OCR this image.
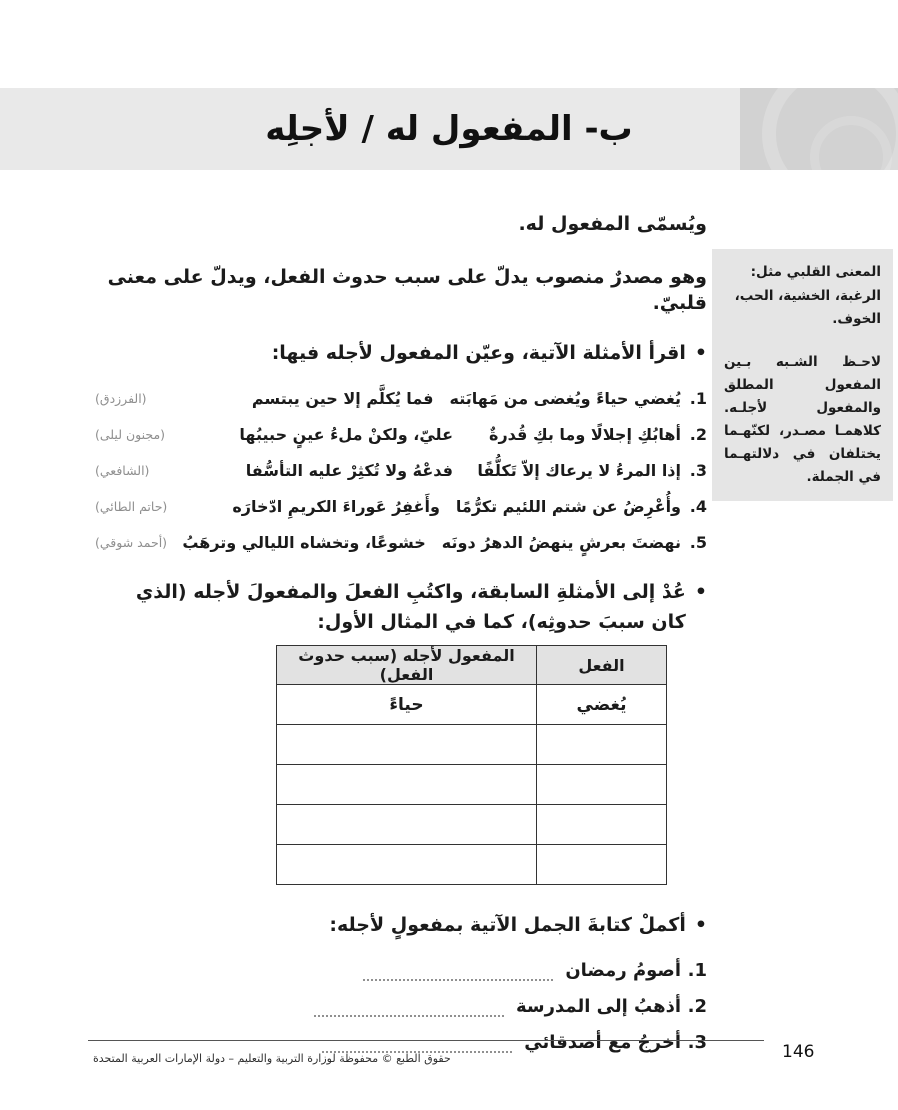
ب- المفعول له / لأجلِه
المعنى القلبي مثل: الرغبة، الخشية، الحب، الخوف.
لاحـظ الشـبه بـين المفعول المطلق والمفعول لأجلـه. كلاهمـا مصـدر، لكنّهـما يختلفان في دلالتهـما في الجملة.

ويُسمّى المفعول له.

وهو مصدرٌ منصوب يدلّ على سبب حدوث الفعل، ويدلّ على معنى قلبيّ.

•
اقرأ الأمثلة الآتية، وعيّن المفعول لأجله فيها:
1.
يُغضي حياءً ويُغضى من مَهابَته
فما يُكلَّم إلا حين يبتسم
(الفرزدق)
2.
أهابُكِ إجلالًا وما بكِ قُدرةٌ
عليّ، ولكنْ ملءُ عينٍ حبيبُها
(مجنون ليلى)
3.
إذا المرءُ لا يرعاك إلاّ تَكلُّفًا
فدعْهُ ولا تُكثِرْ عليه التأسُّفا
(الشافعي)
4.
وأُعْرِضُ عن شتم اللئيم تكرُّمًا
وأَغفِرُ عَوراءَ الكريمِ ادّخارَه
(حاتم الطائي)
5.
نهضتَ بعرشٍ ينهضُ الدهرُ دونَه
خشوعًا، وتخشاه الليالي وترهَبُ
(أحمد شوقي)
•
عُدْ إلى الأمثلةِ السابقة، واكتُبِ الفعلَ والمفعولَ لأجله (الذي كان سببَ حدوثِه)، كما في المثال الأول:
الفعل	المفعول لأجله (سبب حدوث الفعل)
يُغضي	حياءً

•
أكملْ كتابةَ الجمل الآتية بمفعولٍ لأجله:
1.
أصومُ رمضان
2.
أذهبُ إلى المدرسة
3.
أخرجُ مع أصدقائي
حقوق الطبع © محفوظة لوزارة التربية والتعليم – دولة الإمارات العربية المتحدة	146
